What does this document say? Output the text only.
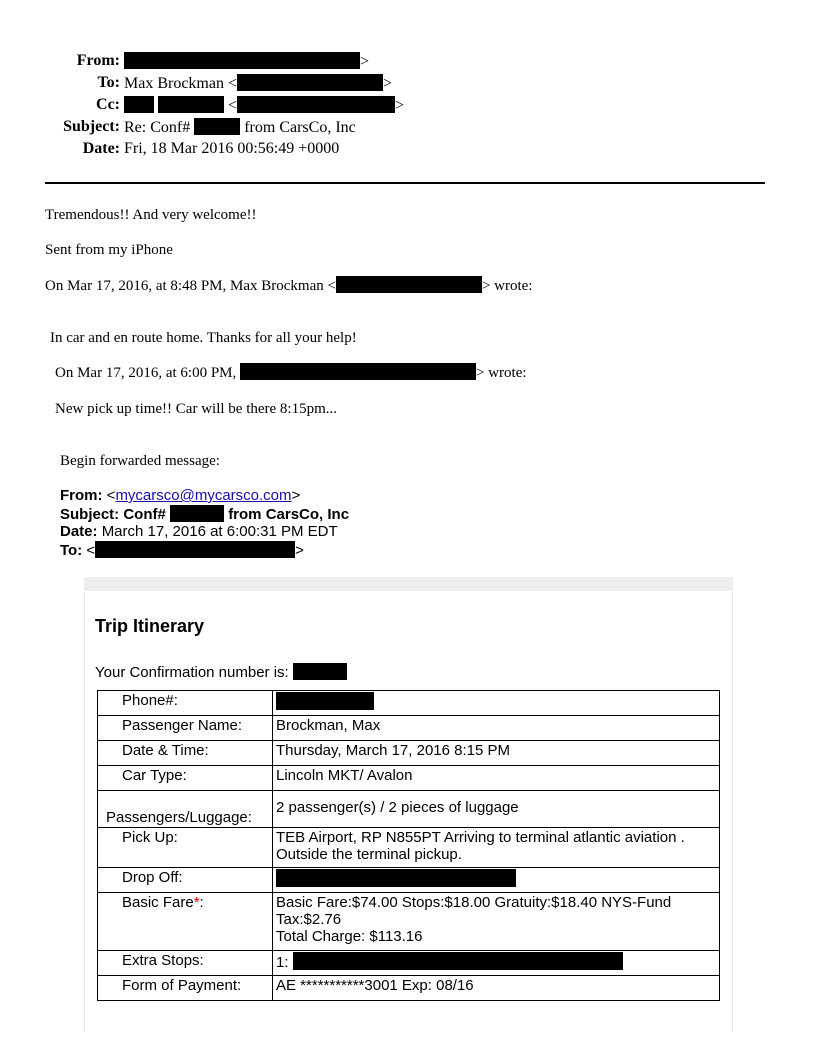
From:	>
To: Max Brockman <	>
Cc:	<	>
Subject: Re: Conf#	from CarsCo, Inc
Date: Fri, 18 Mar 2016 00:56:49 +0000
Tremendous!! And very welcome!!
Sent from my iPhone
On Mar 17, 2016, at 8:48 PM, Max Brockman <	> wrote:
In car and en route home. Thanks for all your help!
On Mar 17, 2016, at 6:00 PM,	> wrote:
New pick up time!! Car will be there 8:15pm...
Begin forwarded message:
From: <mycarsco@mycarsco.com>
Subject: Conf#	from CarsCo, Inc
Date: March 17, 2016 at 6:00:31 PM EDT
To: <	>
Trip Itinerary
Your Confirmation number is:
Phone#:	
Passenger Name:	Brockman, Max
Date & Time:	Thursday, March 17, 2016 8:15 PM
Car Type:	Lincoln MKT/ Avalon
Passengers/Luggage:	2 passenger(s) / 2 pieces of luggage
Pick Up:	TEB Airport, RP N855PT Arriving to terminal atlantic aviation . Outside the terminal pickup.
Drop Off:	
Basic Fare*:	Basic Fare:$74.00 Stops:$18.00 Gratuity:$18.40 NYS-Fund Tax:$2.76
Total Charge: $113.16

Extra Stops:	1:
Form of Payment:	AE ***********3001 Exp: 08/16
